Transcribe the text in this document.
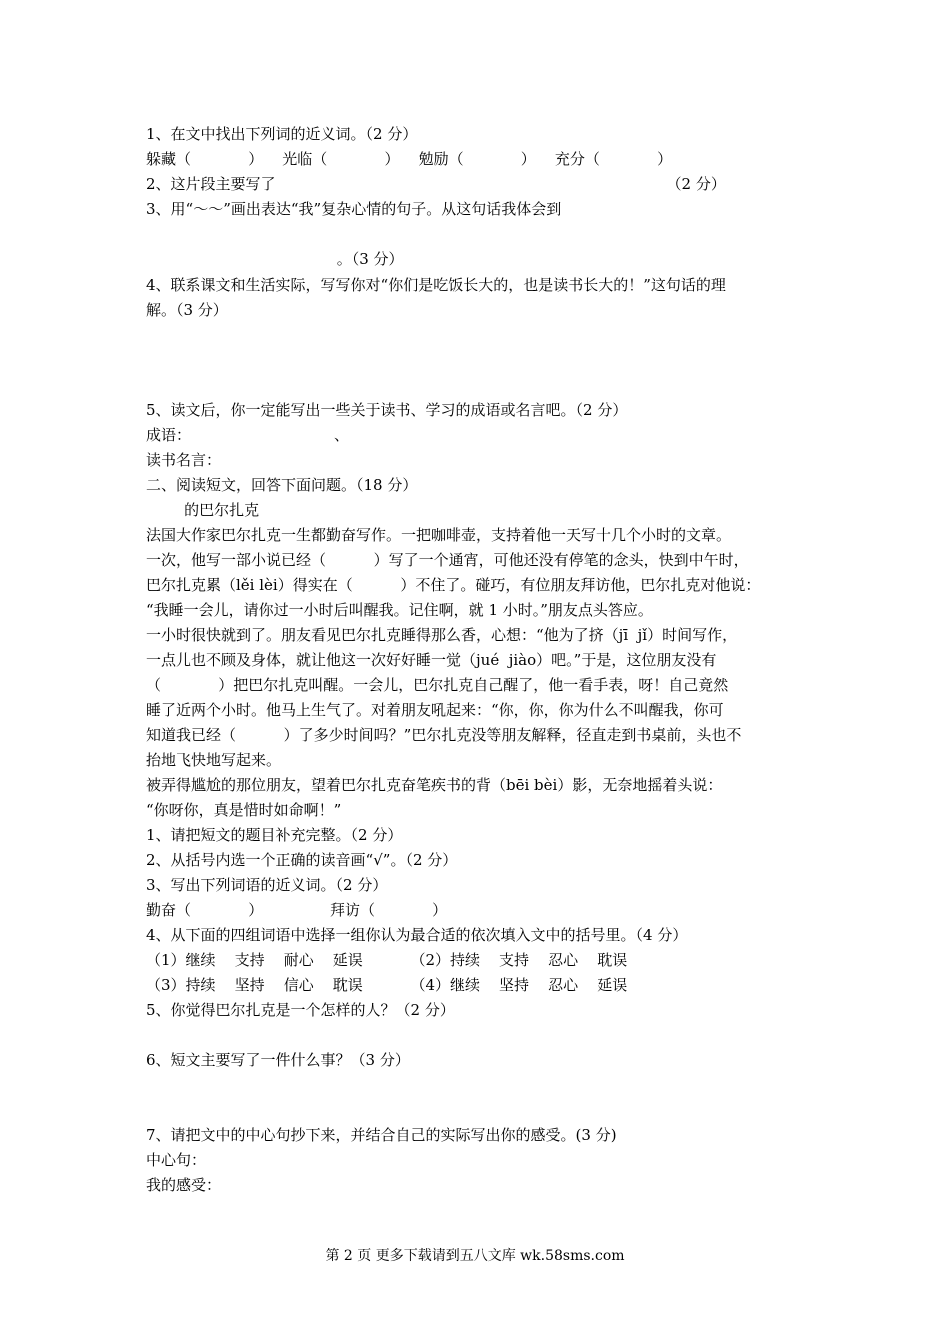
1、在文中找出下列词的近义词。（2 分）
躲藏（            ）    光临（            ）    勉励（            ）    充分（            ）
2、这片段主要写了                                                                                  （2 分）
3、用“～～”画出表达“我”复杂心情的句子。从这句话我体会到
。（3 分）
4、联系课文和生活实际，写写你对“你们是吃饭长大的，也是读书长大的！”这句话的理
解。（3 分）
5、读文后，你一定能写出一些关于读书、学习的成语或名言吧。（2 分）
成语：                              、
读书名言：
二、阅读短文，回答下面问题。（18 分）
的巴尔扎克
法国大作家巴尔扎克一生都勤奋写作。一把咖啡壶，支持着他一天写十几个小时的文章。
一次，他写一部小说已经（          ）写了一个通宵，可他还没有停笔的念头，快到中午时，
巴尔扎克累（lěi lèi）得实在（          ）不住了。碰巧，有位朋友拜访他，巴尔扎克对他说：
“我睡一会儿，请你过一小时后叫醒我。记住啊，就 1 小时。”朋友点头答应。
一小时很快就到了。朋友看见巴尔扎克睡得那么香，心想：“他为了挤（jī  jǐ）时间写作，
一点儿也不顾及身体，就让他这一次好好睡一觉（jué  jiào）吧。”于是，这位朋友没有
（            ）把巴尔扎克叫醒。一会儿，巴尔扎克自己醒了，他一看手表，呀！自己竟然
睡了近两个小时。他马上生气了。对着朋友吼起来：“你，你，你为什么不叫醒我，你可
知道我已经（          ）了多少时间吗？”巴尔扎克没等朋友解释，径直走到书桌前，头也不
抬地飞快地写起来。
被弄得尴尬的那位朋友，望着巴尔扎克奋笔疾书的背（bēi bèi）影，无奈地摇着头说：
“你呀你，真是惜时如命啊！”
1、请把短文的题目补充完整。（2 分）
2、从括号内选一个正确的读音画“√”。（2 分）
3、写出下列词语的近义词。（2 分）
勤奋（            ）              拜访（            ）
4、从下面的四组词语中选择一组你认为最合适的依次填入文中的括号里。（4 分）
（1）继续    支持    耐心    延误          （2）持续    支持    忍心    耽误
（3）持续    坚持    信心    耽误          （4）继续    坚持    忍心    延误
5、你觉得巴尔扎克是一个怎样的人？（2 分）
6、短文主要写了一件什么事？（3 分）
7、请把文中的中心句抄下来，并结合自己的实际写出你的感受。(3 分)
中心句：
我的感受：
第 2 页 更多下载请到五八文库 wk.58sms.com
